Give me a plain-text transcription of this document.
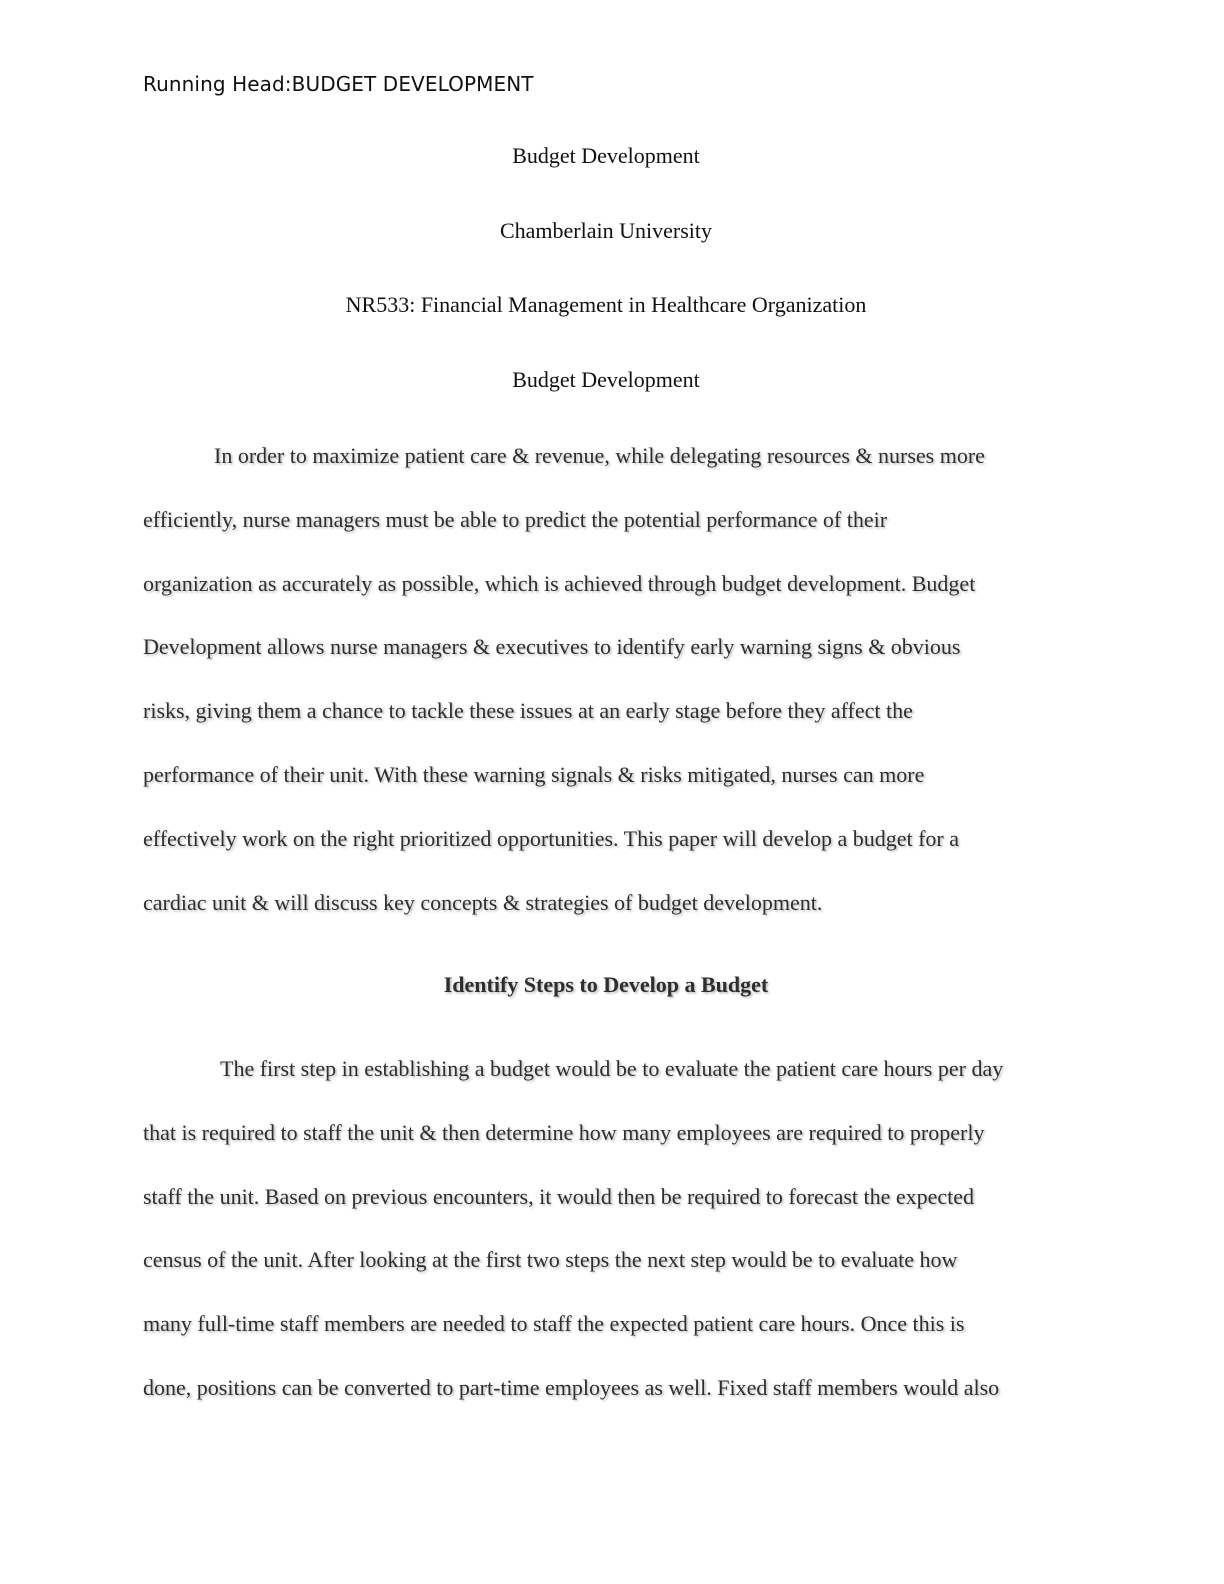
Running Head:BUDGET DEVELOPMENT
Budget Development
Chamberlain University
NR533: Financial Management in Healthcare Organization
Budget Development

In order to maximize patient care & revenue, while delegating resources & nurses more
efficiently, nurse managers must be able to predict the potential performance of their
organization as accurately as possible, which is achieved through budget development. Budget
Development allows nurse managers & executives to identify early warning signs & obvious
risks, giving them a chance to tackle these issues at an early stage before they affect the
performance of their unit. With these warning signals & risks mitigated, nurses can more
effectively work on the right prioritized opportunities. This paper will develop a budget for a
cardiac unit & will discuss key concepts & strategies of budget development.

Identify Steps to Develop a Budget

The first step in establishing a budget would be to evaluate the patient care hours per day
that is required to staff the unit & then determine how many employees are required to properly
staff the unit. Based on previous encounters, it would then be required to forecast the expected
census of the unit. After looking at the first two steps the next step would be to evaluate how
many full-time staff members are needed to staff the expected patient care hours. Once this is
done, positions can be converted to part-time employees as well. Fixed staff members would also
